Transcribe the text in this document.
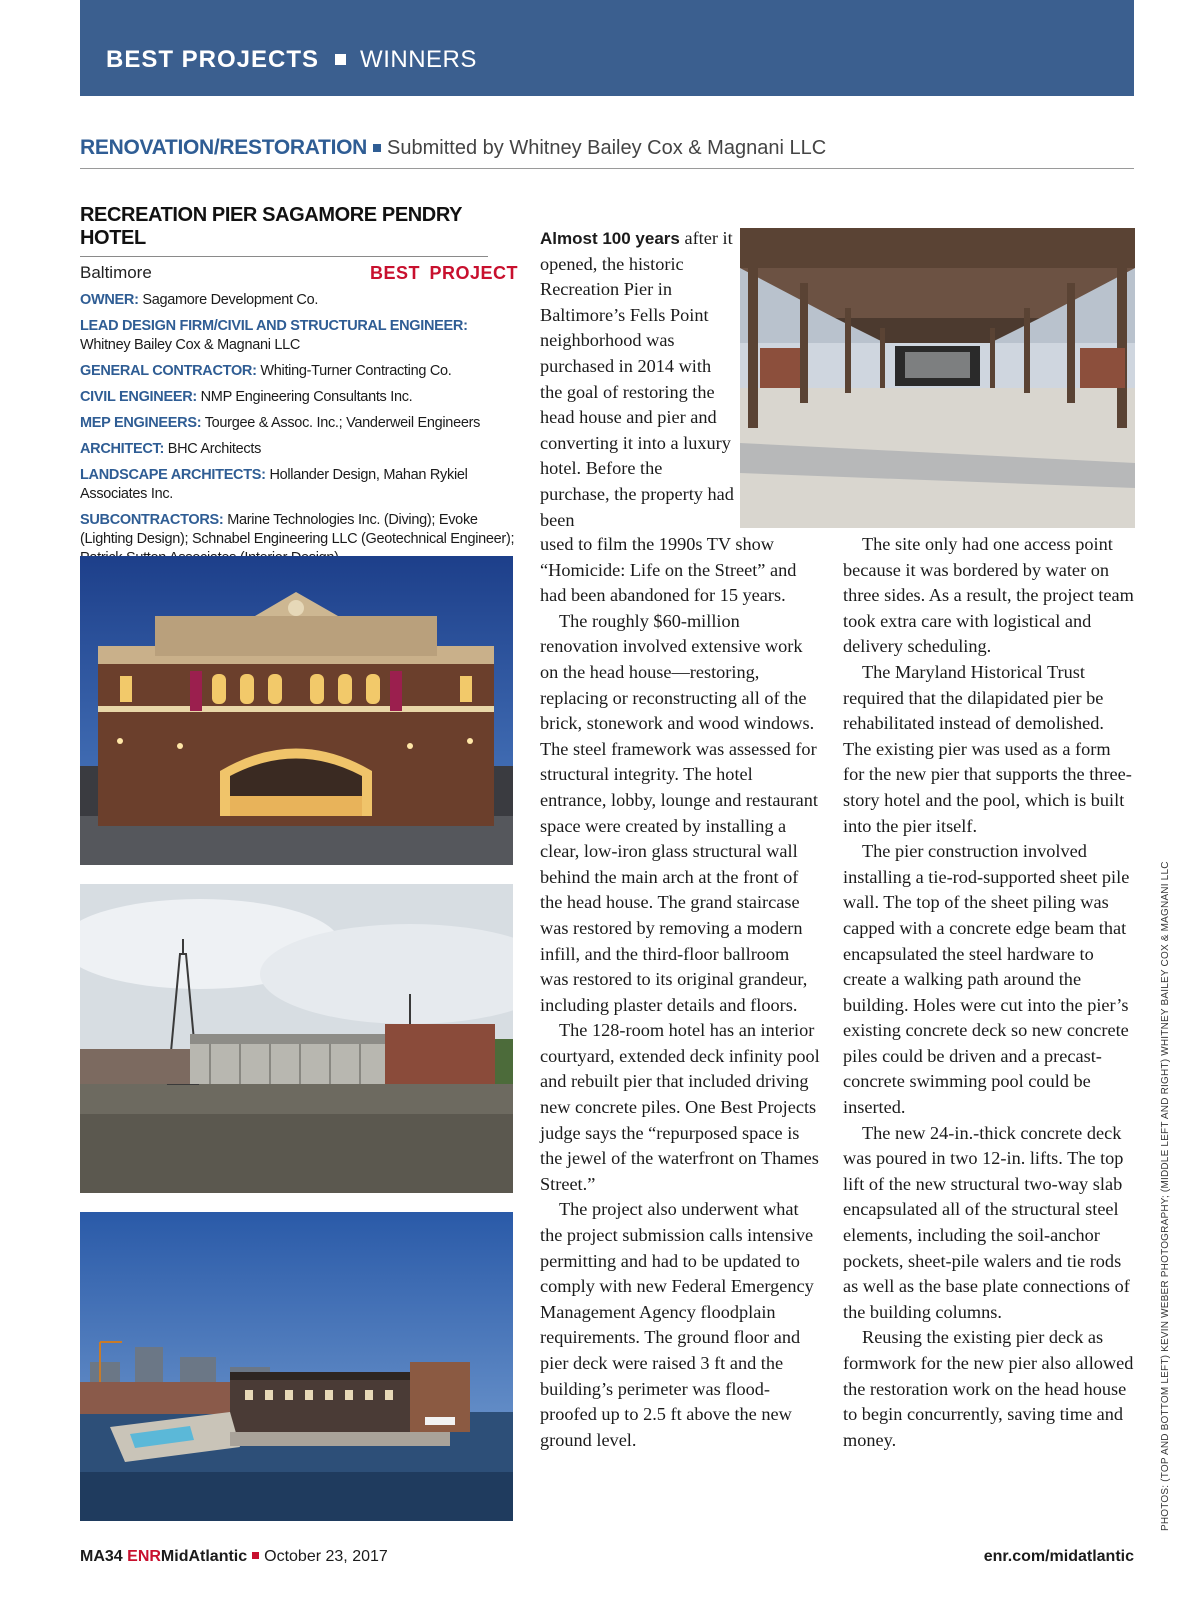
BEST PROJECTS WINNERS
RENOVATION/RESTORATION Submitted by Whitney Bailey Cox & Magnani LLC
RECREATION PIER SAGAMORE PENDRY HOTEL
Baltimore	BEST PROJECT
OWNER: Sagamore Development Co.
LEAD DESIGN FIRM/CIVIL AND STRUCTURAL ENGINEER: Whitney Bailey Cox & Magnani LLC
GENERAL CONTRACTOR: Whiting-Turner Contracting Co.
CIVIL ENGINEER: NMP Engineering Consultants Inc.
MEP ENGINEERS: Tourgee & Assoc. Inc.; Vanderweil Engineers
ARCHITECT: BHC Architects
LANDSCAPE ARCHITECTS: Hollander Design, Mahan Rykiel Associates Inc.
SUBCONTRACTORS: Marine Technologies Inc. (Diving); Evoke (Lighting Design); Schnabel Engineering LLC (Geotechnical Engineer);

Almost 100 years after it opened, the historic Recreation Pier in Baltimore’s Fells Point neighborhood was purchased in 2014 with the goal of restoring the head house and pier and converting it into a luxury hotel. Before the purchase, the property had been

used to film the 1990s TV show “Homicide: Life on the Street” and had been abandoned for 15 years.

The roughly $60-million renovation involved extensive work on the head house—restoring, replacing or reconstructing all of the brick, stonework and wood windows. The steel framework was assessed for structural integrity. The hotel entrance, lobby, lounge and restaurant space were created by installing a clear, low-iron glass structural wall behind the main arch at the front of the head house. The grand staircase was restored by removing a modern infill, and the third-floor ballroom was restored to its original grandeur, including plaster details and floors.

The 128-room hotel has an interior courtyard, extended deck infinity pool and rebuilt pier that included driving new concrete piles. One Best Projects judge says the “repurposed space is the jewel of the waterfront on Thames Street.”

The project also underwent what the project submission calls intensive permitting and had to be updated to comply with new Federal Emergency Management Agency floodplain requirements. The ground floor and pier deck were raised 3 ft and the building’s perimeter was flood-proofed up to 2.5 ft above the new ground level.

The site only had one access point because it was bordered by water on three sides. As a result, the project team took extra care with logistical and delivery scheduling.

The Maryland Historical Trust required that the dilapidated pier be rehabilitated instead of demolished. The existing pier was used as a form for the new pier that supports the three-story hotel and the pool, which is built into the pier itself.

The pier construction involved installing a tie-rod-supported sheet pile wall. The top of the sheet piling was capped with a concrete edge beam that encapsulated the steel hardware to create a walking path around the building. Holes were cut into the pier’s existing concrete deck so new concrete piles could be driven and a precast-concrete swimming pool could be inserted.

The new 24-in.-thick concrete deck was poured in two 12-in. lifts. The top lift of the new structural two-way slab encapsulated all of the structural steel elements, including the soil-anchor pockets, sheet-pile walers and tie rods as well as the base plate connections of the building columns.

Reusing the existing pier deck as formwork for the new pier also allowed the restoration work on the head house to begin concurrently, saving time and money.	PHOTOS: (TOP AND BOTTOM LEFT) KEVIN WEBER PHOTOGRAPHY; (MIDDLE LEFT AND RIGHT) WHITNEY BAILEY COX & MAGNANI LLC
MA34 ENRMidAtlantic October 23, 2017	enr.com/midatlantic
